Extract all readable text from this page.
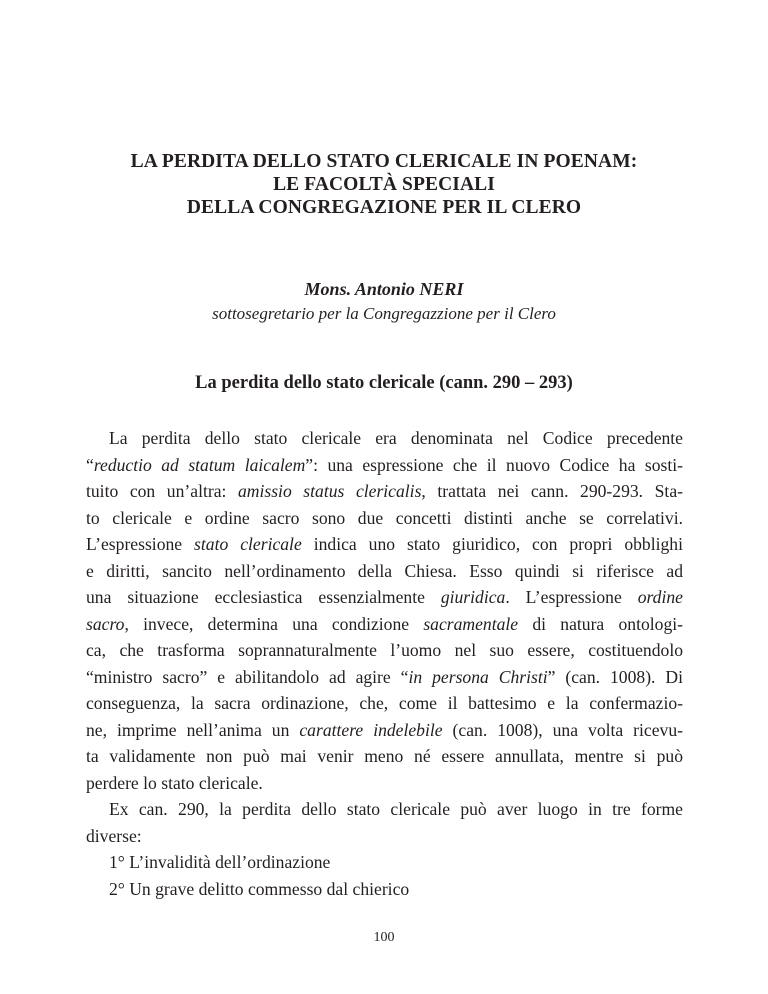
LA PERDITA DELLO STATO CLERICALE IN POENAM:
LE FACOLTÀ SPECIALI
DELLA CONGREGAZIONE PER IL CLERO
Mons. Antonio NERI
sottosegretario per la Congregazzione per il Clero
La perdita dello stato clericale (cann. 290 – 293)
La perdita dello stato clericale era denominata nel Codice precedente
“reductio ad statum laicalem”: una espressione che il nuovo Codice ha sosti-
tuito con un’altra: amissio status clericalis, trattata nei cann. 290-293. Sta-
to clericale e ordine sacro sono due concetti distinti anche se correlativi.
L’espressione stato clericale indica uno stato giuridico, con propri obblighi
e diritti, sancito nell’ordinamento della Chiesa. Esso quindi si riferisce ad
una situazione ecclesiastica essenzialmente giuridica. L’espressione ordine
sacro, invece, determina una condizione sacramentale di natura ontologi-
ca, che trasforma soprannaturalmente l’uomo nel suo essere, costituendolo
“ministro sacro” e abilitandolo ad agire “in persona Christi” (can. 1008). Di
conseguenza, la sacra ordinazione, che, come il battesimo e la confermazio-
ne, imprime nell’anima un carattere indelebile (can. 1008), una volta ricevu-
ta validamente non può mai venir meno né essere annullata, mentre si può
perdere lo stato clericale.
Ex can. 290, la perdita dello stato clericale può aver luogo in tre forme
diverse:
1° L’invalidità dell’ordinazione
2° Un grave delitto commesso dal chierico
100
